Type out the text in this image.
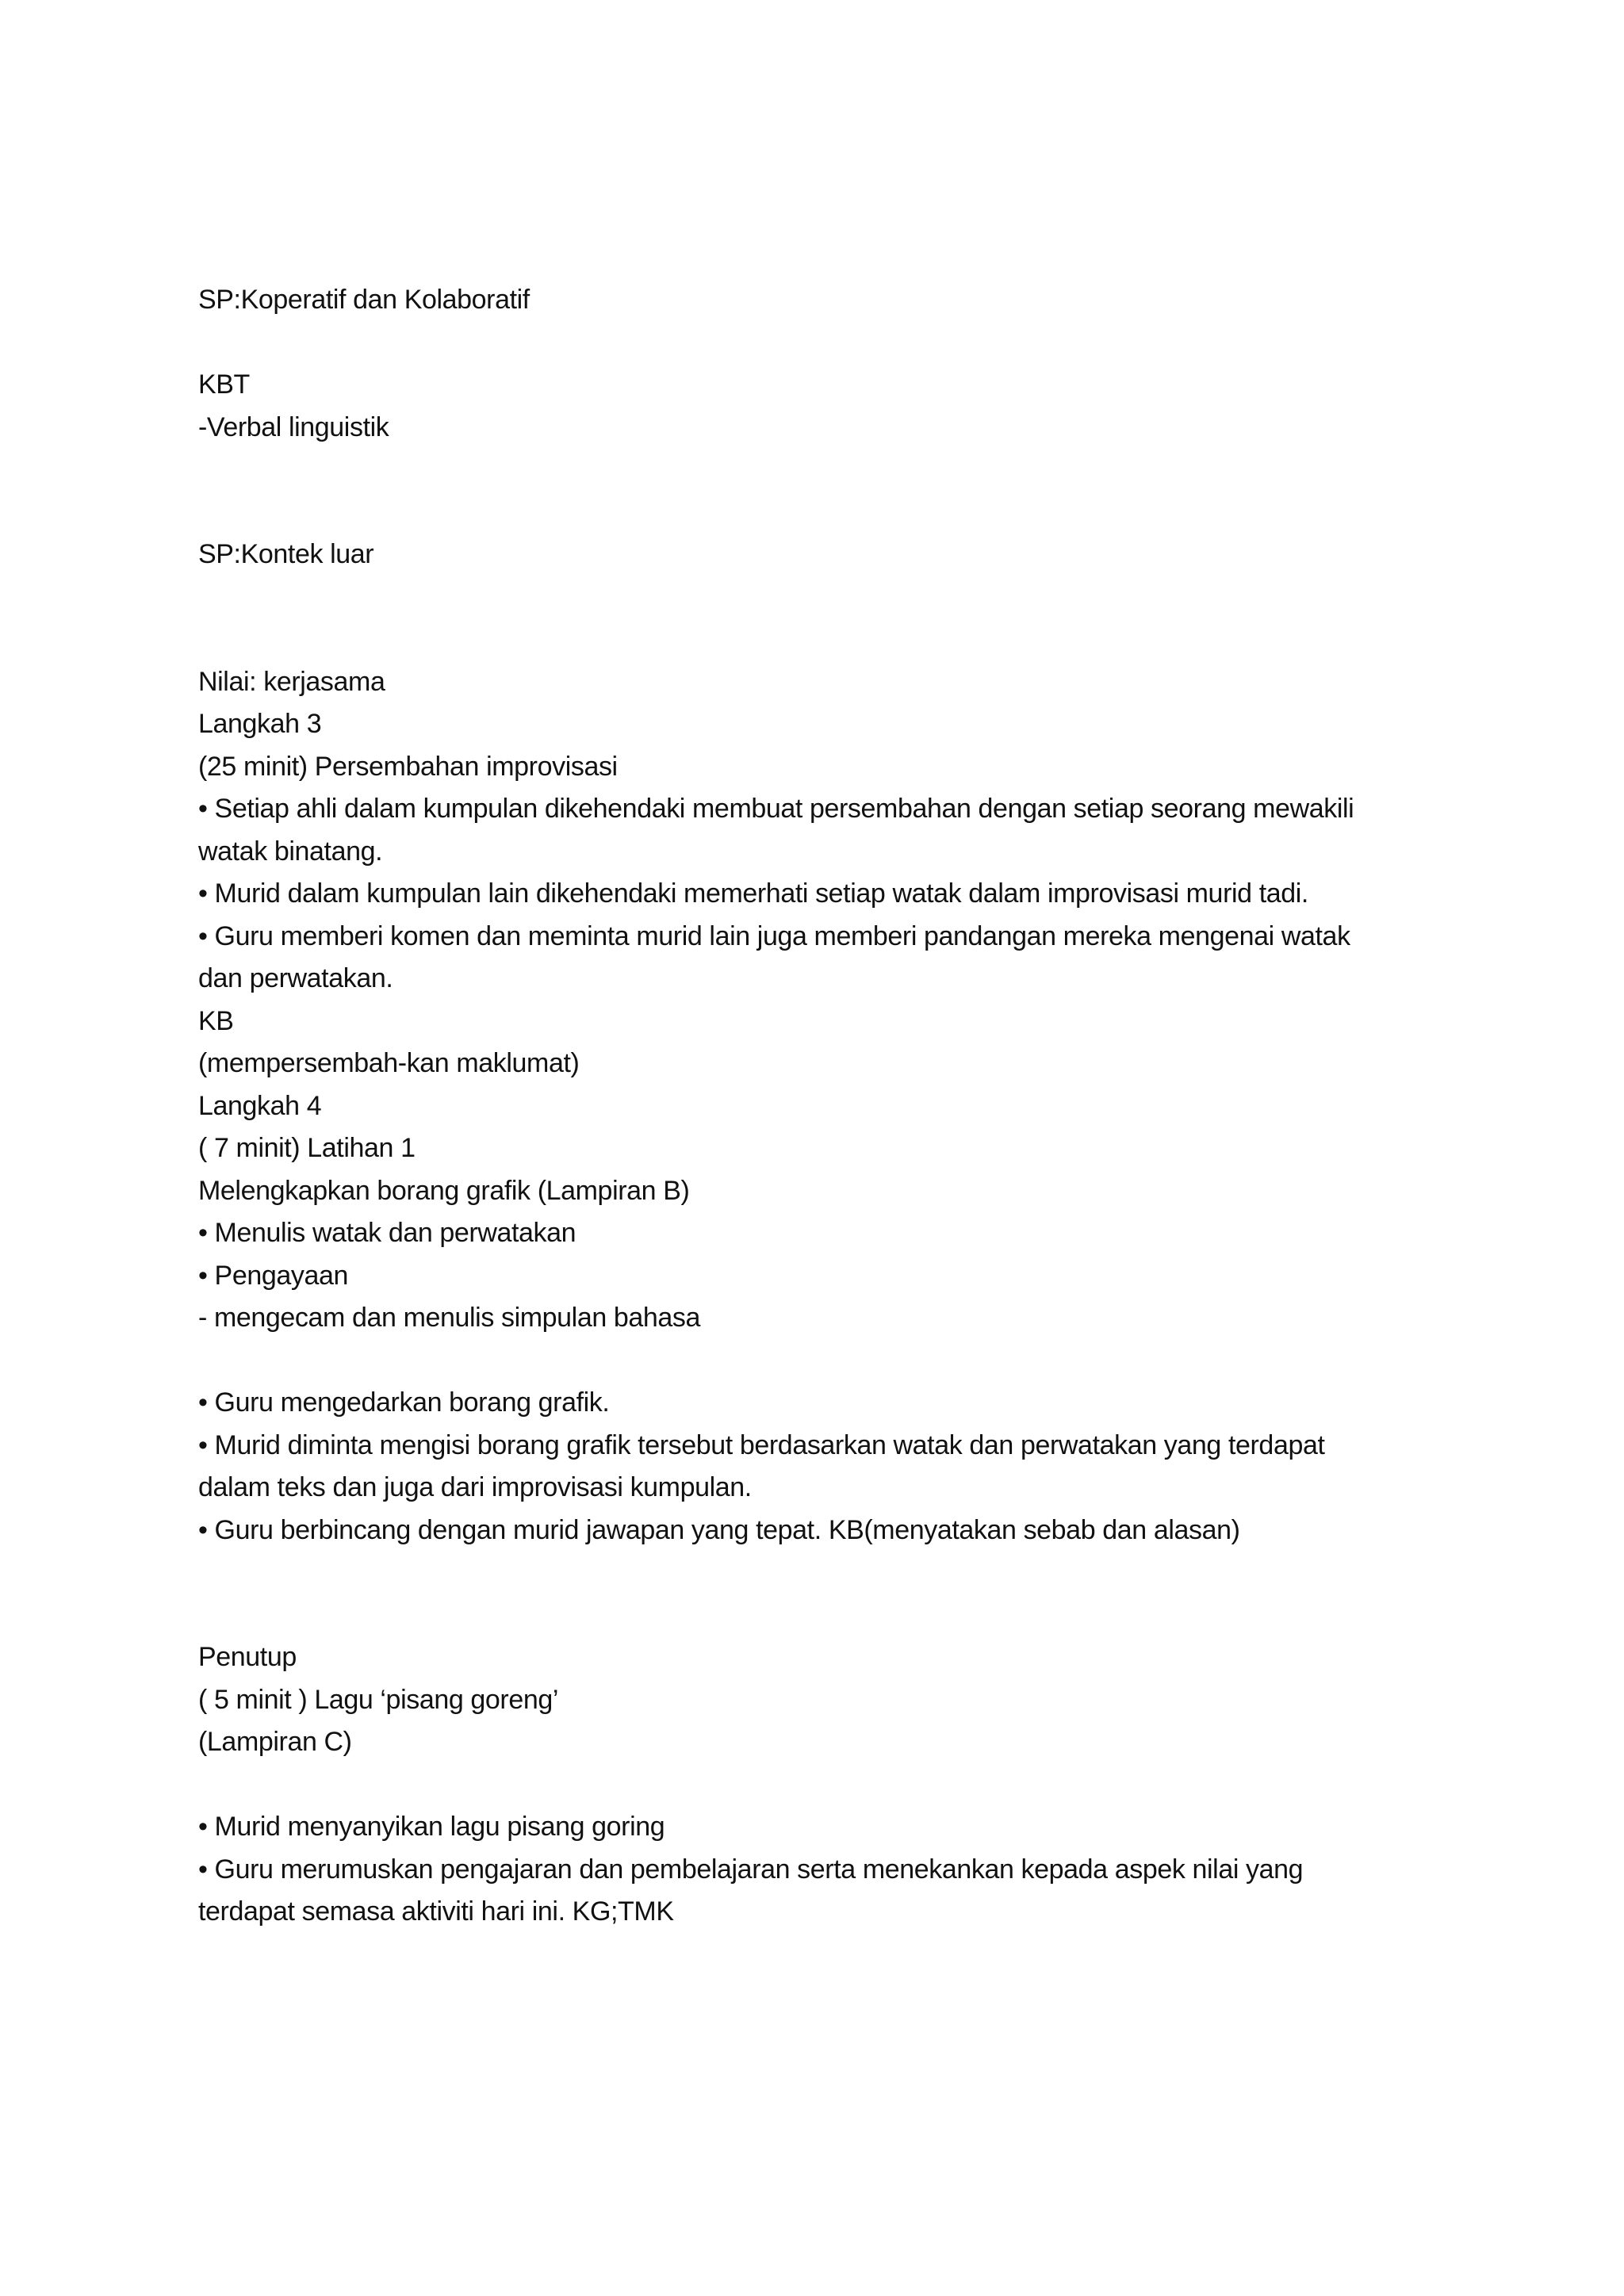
SP:Koperatif dan Kolaboratif
KBT
-Verbal linguistik
SP:Kontek luar
Nilai: kerjasama
Langkah 3
(25 minit) Persembahan improvisasi
• Setiap ahli dalam kumpulan dikehendaki membuat persembahan dengan setiap seorang mewakili
watak binatang.
• Murid dalam kumpulan lain dikehendaki memerhati setiap watak dalam improvisasi murid tadi.
• Guru memberi komen dan meminta murid lain juga memberi pandangan mereka mengenai watak
dan perwatakan.
KB
(mempersembah-kan maklumat)
Langkah 4
( 7 minit) Latihan 1
Melengkapkan borang grafik (Lampiran B)
• Menulis watak dan perwatakan
• Pengayaan
- mengecam dan menulis simpulan bahasa
• Guru mengedarkan borang grafik.
• Murid diminta mengisi borang grafik tersebut berdasarkan watak dan perwatakan yang terdapat
dalam teks dan juga dari improvisasi kumpulan.
• Guru berbincang dengan murid jawapan yang tepat. KB(menyatakan sebab dan alasan)
Penutup
( 5 minit ) Lagu ‘pisang goreng’
(Lampiran C)
• Murid menyanyikan lagu pisang goring
• Guru merumuskan pengajaran dan pembelajaran serta menekankan kepada aspek nilai yang
terdapat semasa aktiviti hari ini. KG;TMK
